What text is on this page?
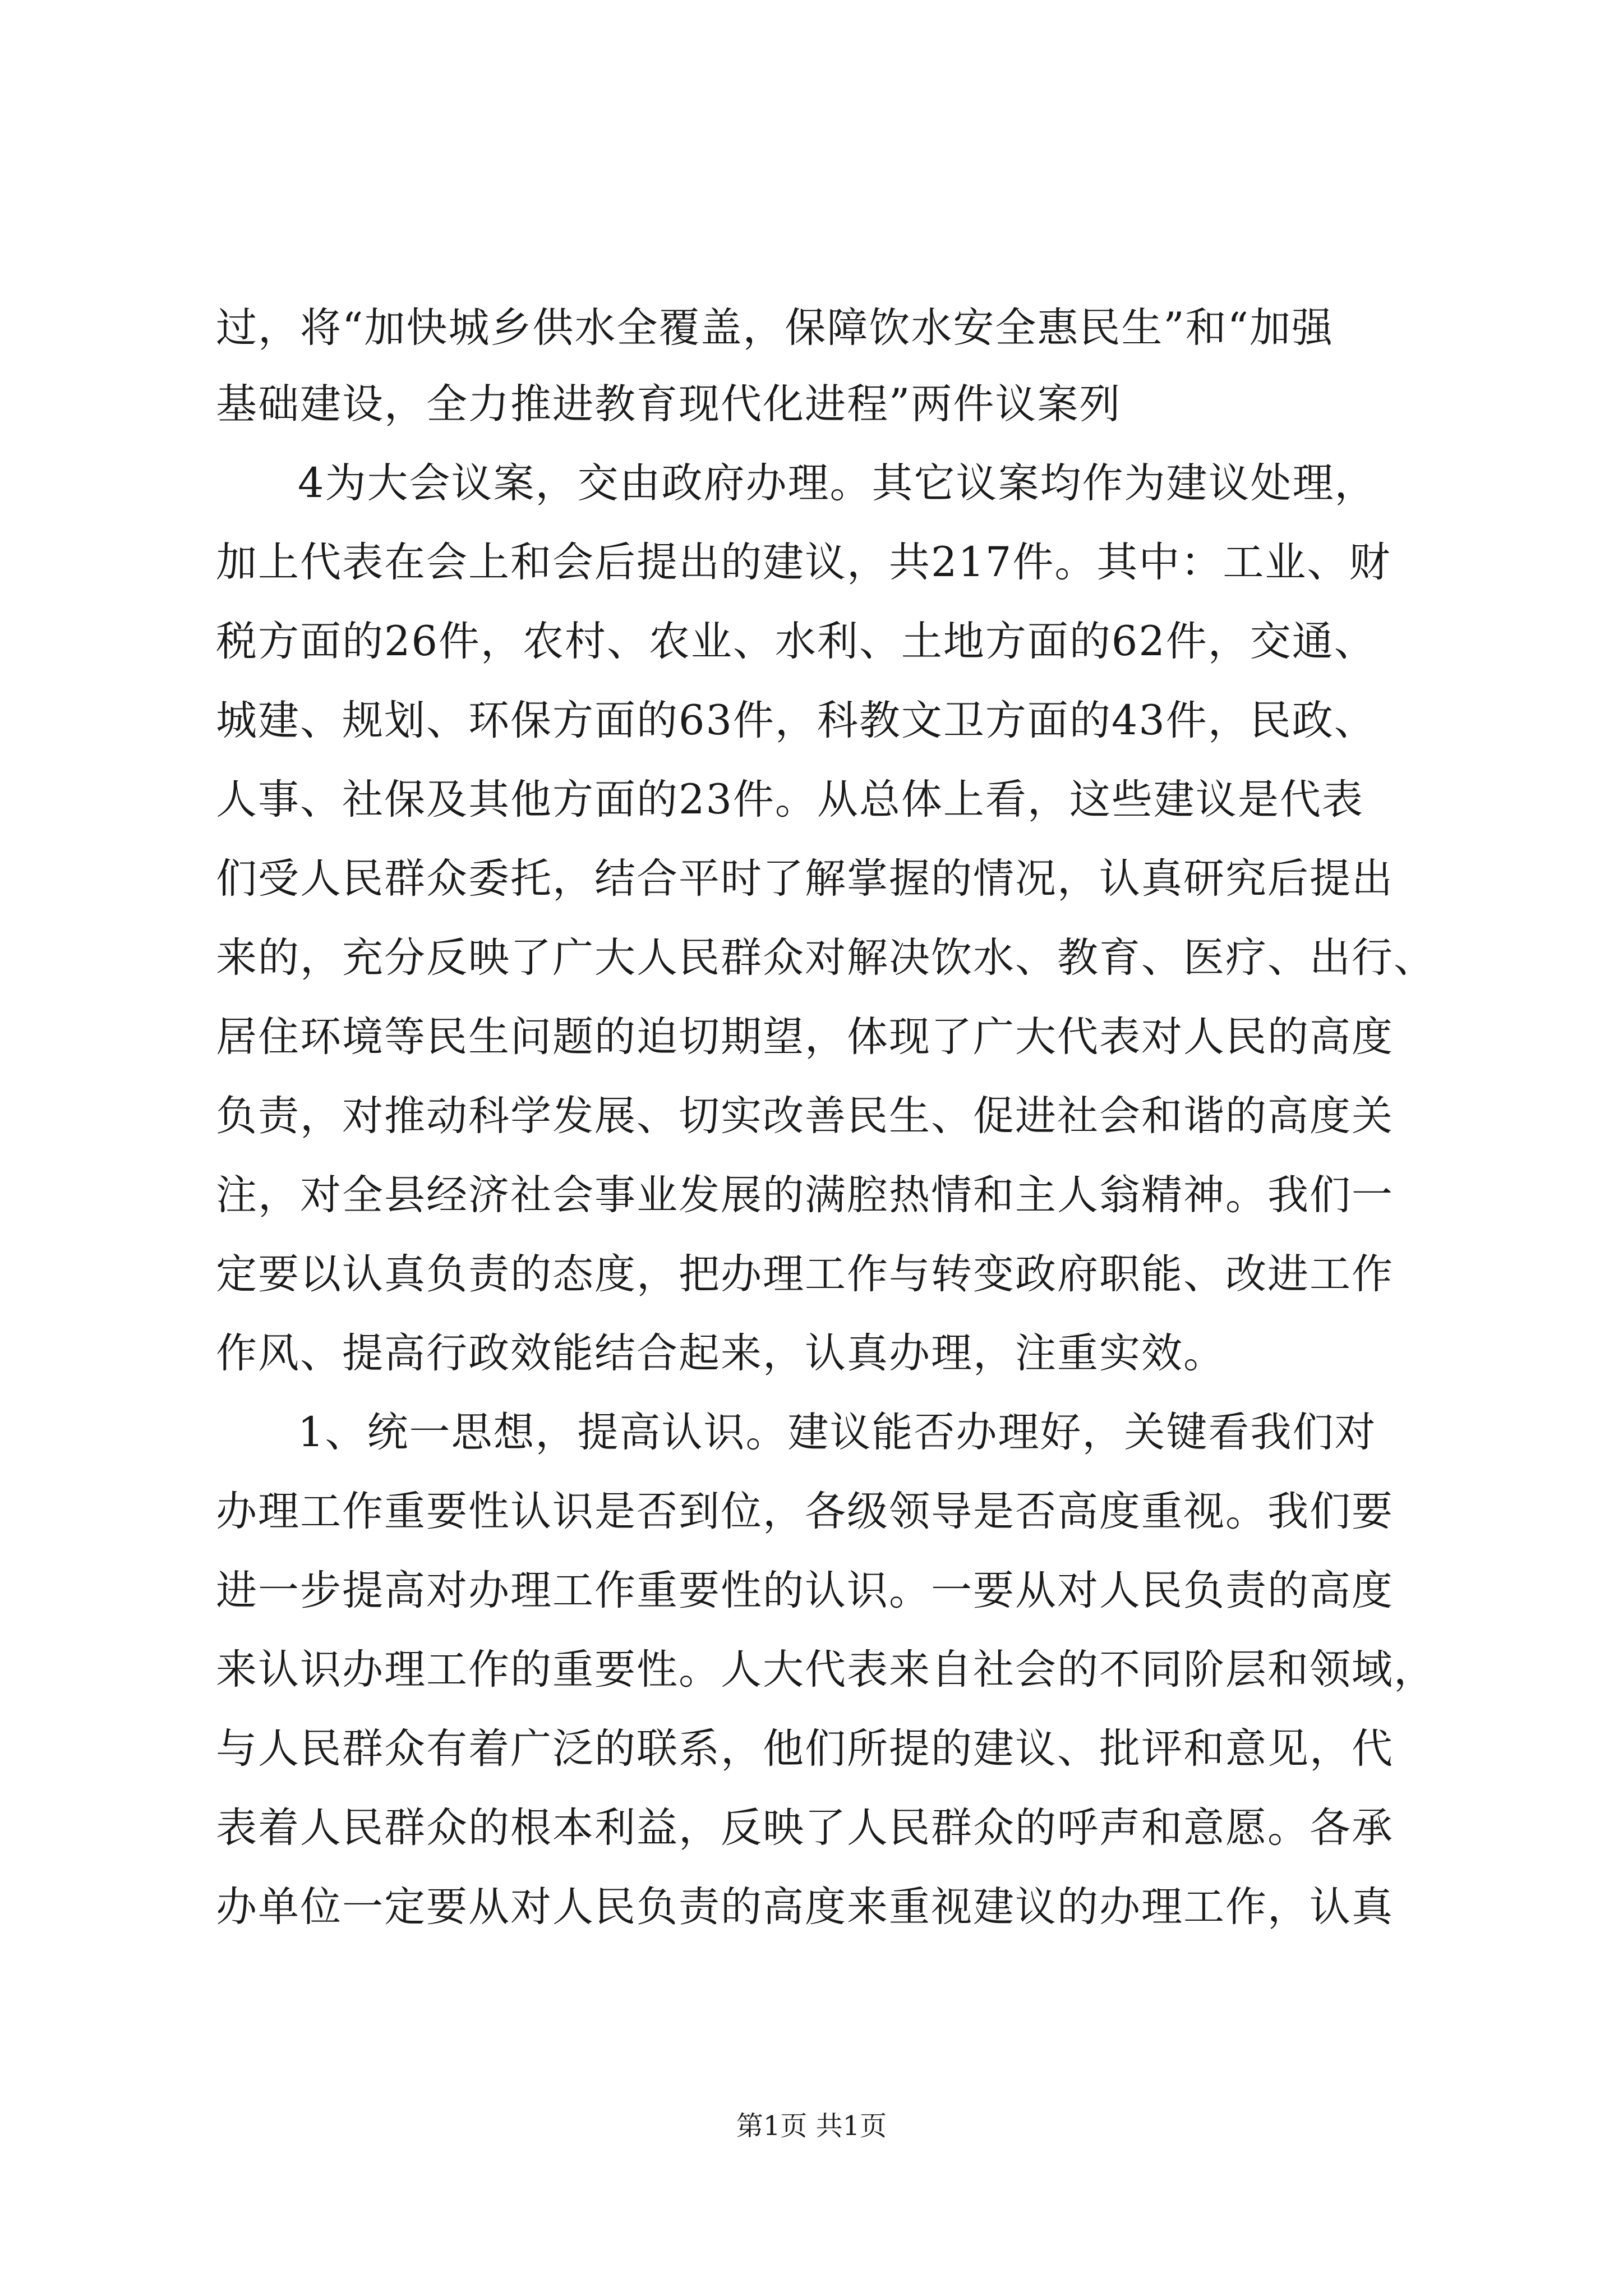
过，将“加快城乡供水全覆盖，保障饮水安全惠民生”和“加强
基础建设，全力推进教育现代化进程”两件议案列
4为大会议案，交由政府办理。其它议案均作为建议处理，
加上代表在会上和会后提出的建议，共217件。其中：工业、财
税方面的26件，农村、农业、水利、土地方面的62件，交通、
城建、规划、环保方面的63件，科教文卫方面的43件，民政、
人事、社保及其他方面的23件。从总体上看，这些建议是代表
们受人民群众委托，结合平时了解掌握的情况，认真研究后提出
来的，充分反映了广大人民群众对解决饮水、教育、医疗、出行、
居住环境等民生问题的迫切期望，体现了广大代表对人民的高度
负责，对推动科学发展、切实改善民生、促进社会和谐的高度关
注，对全县经济社会事业发展的满腔热情和主人翁精神。我们一
定要以认真负责的态度，把办理工作与转变政府职能、改进工作
作风、提高行政效能结合起来，认真办理，注重实效。
1、统一思想，提高认识。建议能否办理好，关键看我们对
办理工作重要性认识是否到位，各级领导是否高度重视。我们要
进一步提高对办理工作重要性的认识。一要从对人民负责的高度
来认识办理工作的重要性。人大代表来自社会的不同阶层和领域，
与人民群众有着广泛的联系，他们所提的建议、批评和意见，代
表着人民群众的根本利益，反映了人民群众的呼声和意愿。各承
办单位一定要从对人民负责的高度来重视建议的办理工作，认真
第1页 共1页
